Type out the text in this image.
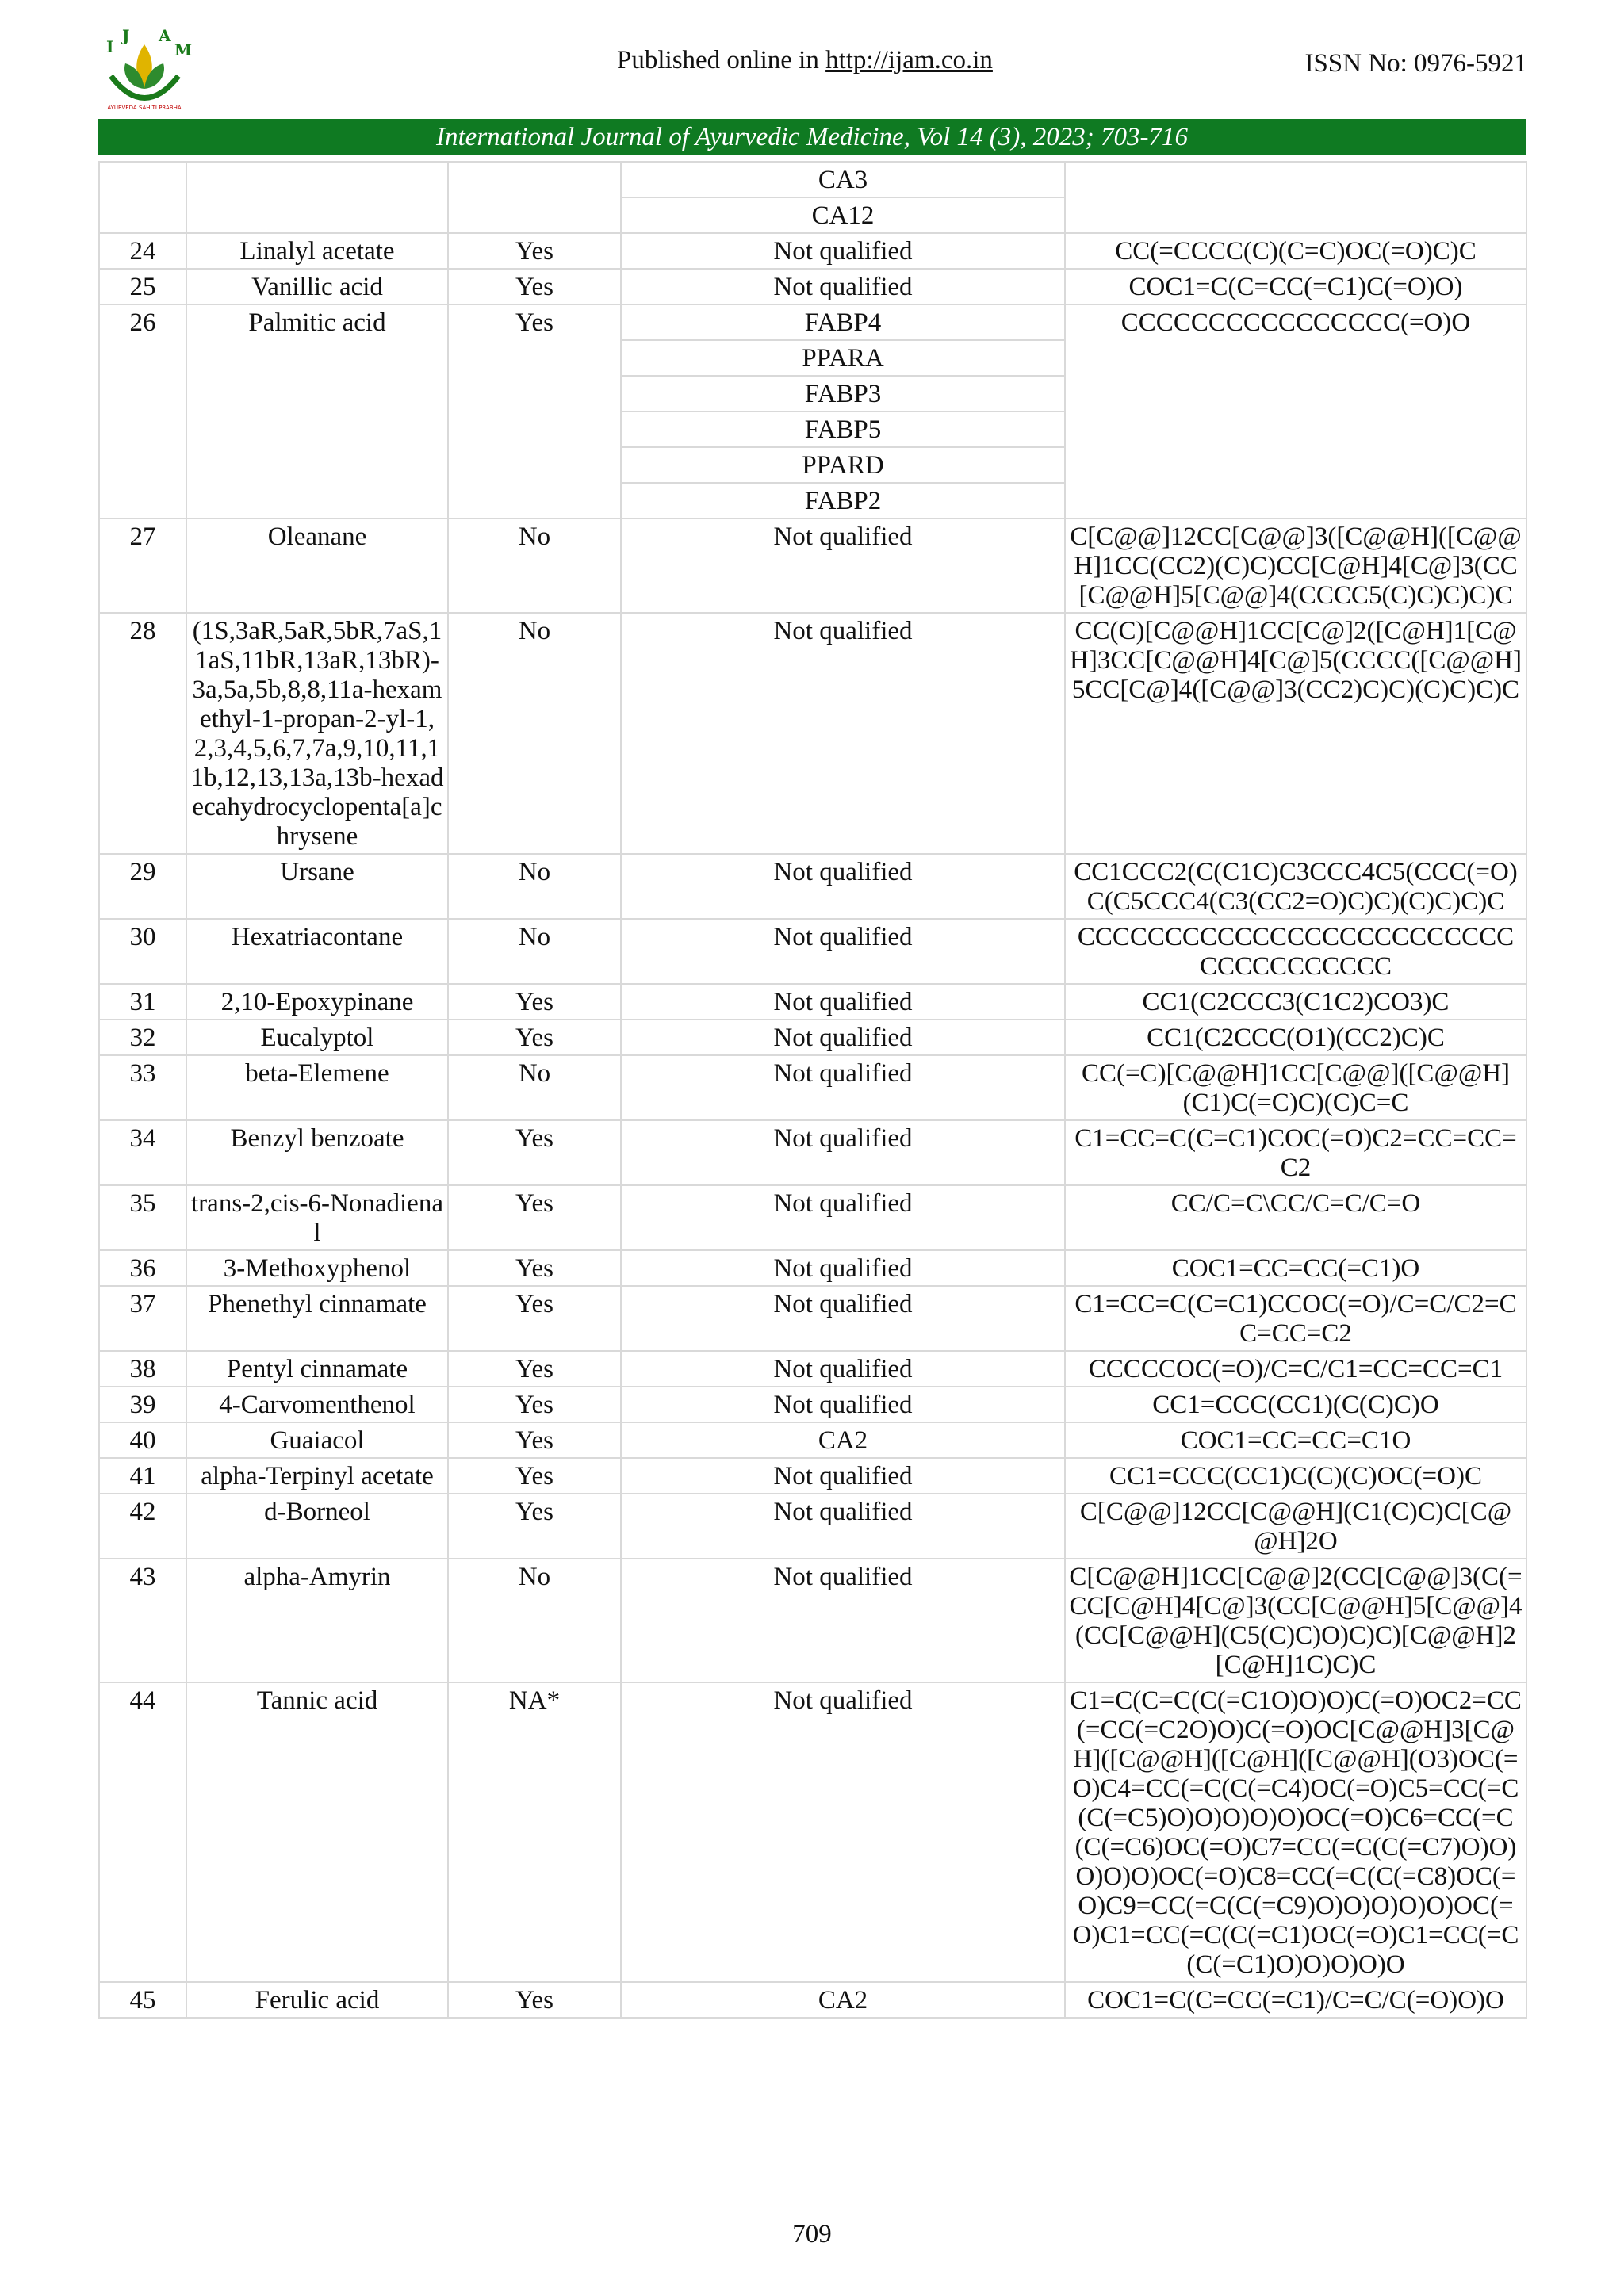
I
J A
M
AYURVEDA SAHITI PRABHA
Published online in http://ijam.co.in	ISSN No: 0976-5921
International Journal of Ayurvedic Medicine, Vol 14 (3), 2023; 703-716
			CA3	
			CA12	
24	Linalyl acetate	Yes	Not qualified	CC(=CCCC(C)(C=C)OC(=O)C)C
25	Vanillic acid	Yes	Not qualified	COC1=C(C=CC(=C1)C(=O)O)
26	Palmitic acid	Yes	FABP4	CCCCCCCCCCCCCCCC(=O)O
			PPARA	
			FABP3	
			FABP5	
			PPARD	
			FABP2	
27	Oleanane	No	Not qualified	C[C@@]12CC[C@@]3([C@@H]([C@@H]1CC(CC2)(C)C)CC[C@H]4[C@]3(CC[C@@H]5[C@@]4(CCCC5(C)C)C)C)C
28	(1S,3aR,5aR,5bR,7aS,11aS,11bR,13aR,13bR)-3a,5a,5b,8,8,11a-hexamethyl-1-propan-2-yl-1,2,3,4,5,6,7,7a,9,10,11,11b,12,13,13a,13b-hexadecahydrocyclopenta[a]chrysene	No	Not qualified	CC(C)[C@@H]1CC[C@]2([C@H]1[C@H]3CC[C@@H]4[C@]5(CCCC([C@@H]5CC[C@]4([C@@]3(CC2)C)C)(C)C)C)C
29	Ursane	No	Not qualified	CC1CCC2(C(C1C)C3CCC4C5(CCC(=O)C(C5CCC4(C3(CC2=O)C)C)(C)C)C)C
30	Hexatriacontane	No	Not qualified	CCCCCCCCCCCCCCCCCCCCCCCCCCCCCCCCCCCC
31	2,10-Epoxypinane	Yes	Not qualified	CC1(C2CCC3(C1C2)CO3)C
32	Eucalyptol	Yes	Not qualified	CC1(C2CCC(O1)(CC2)C)C
33	beta-Elemene	No	Not qualified	CC(=C)[C@@H]1CC[C@@]([C@@H](C1)C(=C)C)(C)C=C
34	Benzyl benzoate	Yes	Not qualified	C1=CC=C(C=C1)COC(=O)C2=CC=CC=C2
35	trans-2,cis-6-Nonadienal	Yes	Not qualified	CC/C=C\CC/C=C/C=O
36	3-Methoxyphenol	Yes	Not qualified	COC1=CC=CC(=C1)O
37	Phenethyl cinnamate	Yes	Not qualified	C1=CC=C(C=C1)CCOC(=O)/C=C/C2=CC=CC=C2
38	Pentyl cinnamate	Yes	Not qualified	CCCCCOC(=O)/C=C/C1=CC=CC=C1
39	4-Carvomenthenol	Yes	Not qualified	CC1=CCC(CC1)(C(C)C)O
40	Guaiacol	Yes	CA2	COC1=CC=CC=C1O
41	alpha-Terpinyl acetate	Yes	Not qualified	CC1=CCC(CC1)C(C)(C)OC(=O)C
42	d-Borneol	Yes	Not qualified	C[C@@]12CC[C@@H](C1(C)C)C[C@@H]2O
43	alpha-Amyrin	No	Not qualified	C[C@@H]1CC[C@@]2(CC[C@@]3(C(=CC[C@H]4[C@]3(CC[C@@H]5[C@@]4(CC[C@@H](C5(C)C)O)C)C)[C@@H]2[C@H]1C)C)C
44	Tannic acid	NA*	Not qualified	C1=C(C=C(C(=C1O)O)O)C(=O)OC2=CC(=CC(=C2O)O)C(=O)OC[C@@H]3[C@H]([C@@H]([C@H]([C@@H](O3)OC(=O)C4=CC(=C(C(=C4)OC(=O)C5=CC(=C(C(=C5)O)O)O)O)O)OC(=O)C6=CC(=C(C(=C6)OC(=O)C7=CC(=C(C(=C7)O)O)O)O)O)OC(=O)C8=CC(=C(C(=C8)OC(=O)C9=CC(=C(C(=C9)O)O)O)O)O)OC(=O)C1=CC(=C(C(=C1)OC(=O)C1=CC(=C(C(=C1)O)O)O)O)O
45	Ferulic acid	Yes	CA2	COC1=C(C=CC(=C1)/C=C/C(=O)O)O
709
